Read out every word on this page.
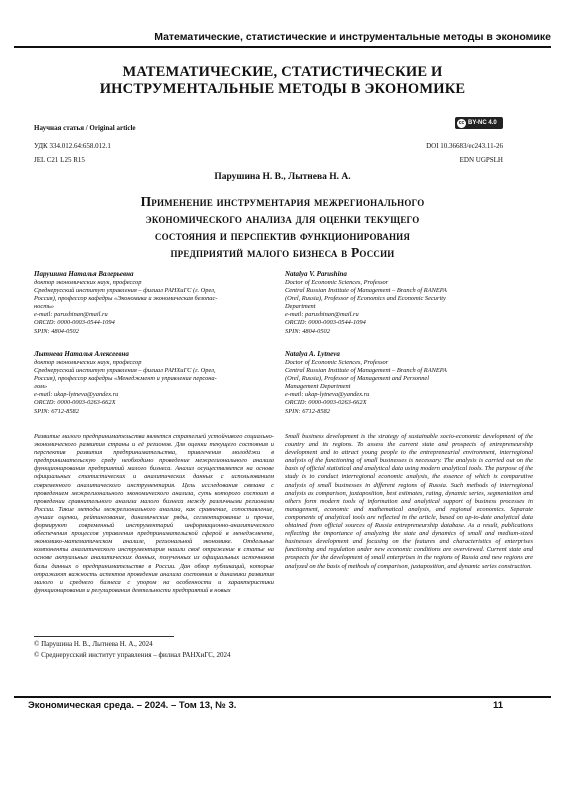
Математические, статистические и инструментальные методы в экономике
МАТЕМАТИЧЕСКИЕ, СТАТИСТИЧЕСКИЕ И
ИНСТРУМЕНТАЛЬНЫЕ МЕТОДЫ В ЭКОНОМИКЕ
Научная статья / Original article
УДК 334.012.64:658.012.1
JEL C21 L25 R15
cc BY-NC 4.0
DOI 10.36683/ec243.11-26
EDN UGPSLH
Парушина Н. В., Лытнева Н. А.
Применение инструментария межрегионального
экономического анализа для оценки текущего
состояния и перспектив функционирования
предприятий малого бизнеса в России
Парушина Наталья Валерьевна
доктор экономических наук, профессор
Среднерусский институт управления – филиал РАНХиГС (г. Орел,
Россия), профессор кафедры «Экономика и экономическая безопас-
ность»
e-mail: parushinan@mail.ru
ORCID: 0000-0003-0544-1094
SPIN: 4804-0502
Natalya V. Parushina
Doctor of Economic Sciences, Professor
Central Russian Institute of Management – Branch of RANEPA
(Orel, Russia), Professor of Economics and Economic Security
Department
e-mail: parushinan@mail.ru
ORCID: 0000-0003-0544-1094
SPIN: 4804-0502
Лытнева Наталья Алексеевна
доктор экономических наук, профессор
Среднерусский институт управления – филиал РАНХиГС (г. Орел,
Россия), профессор кафедры «Менеджмент и управление персона-
лом»
e-mail: ukap-lytneva@yandex.ru
ORCID: 0000-0003-0263-662X
SPIN: 6712-8582
Natalya A. Lytneva
Doctor of Economic Sciences, Professor
Central Russian Institute of Management – Branch of RANEPA
(Orel, Russia), Professor of Management and Personnel
Management Department
e-mail: ukap-lytneva@yandex.ru
ORCID: 0000-0003-0263-662X
SPIN: 6712-8582
Развитие малого предпринимательства является стратегией устойчивого социально-экономического развития страны и её регионов. Для оценки текущего состояния и перспектив развития предпринимательства, привлечения молодёжи в предпринимательскую среду необходимо проведение межрегионального анализа функционирования предприятий малого бизнеса. Анализ осуществляется на основе официальных статистических и аналитических данных с использованием современного аналитического инструментария. Цель исследования связана с проведением межрегионального экономического анализа, суть которого состоит в проведении сравнительного анализа малого бизнеса между различными регионами России. Такие методы межрегионального анализа, как сравнение, сопоставление, лучшие оценки, рейтингование, динамические ряды, сегментирование и прочие, формируют современный инструментарий информационно-аналитического обеспечения процессов управления предпринимательской сферой в менеджменте, экономико-математическом анализе, региональной экономике. Отдельные компоненты аналитического инструментария нашли своё отражение в статье на основе актуальных аналитических данных, полученных из официальных источников базы данных о предпринимательстве в России. Дан обзор публикаций, которые отражают важность аспектов проведения анализа состояния и динамики развития малого и среднего бизнеса с упором на особенности и характеристики функционирования и регулирования деятельности предприятий в новых
Small business development is the strategy of sustainable socio-economic development of the country and its regions. To assess the current state and prospects of entrepreneurship development and to attract young people to the entrepreneurial environment, interregional analysis of the functioning of small businesses is necessary. The analysis is carried out on the basis of official statistical and analytical data using modern analytical tools. The purpose of the study is to conduct interregional economic analysis, the essence of which is comparative analysis of small businesses in different regions of Russia. Such methods of interregional analysis as comparison, juxtaposition, best estimates, rating, dynamic series, segmentation and others form modern tools of information and analytical support of business processes in management, economic and mathematical analysis, and regional economics. Separate components of analytical tools are reflected in the article, based on up-to-date analytical data obtained from official sources of Russia entrepreneurship database. As a result, publications reflecting the importance of analyzing the state and dynamics of small and medium-sized businesses development and focusing on the features and characteristics of enterprises functioning and regulation under new economic conditions are overviewed. Current state and prospects for the development of small enterprises in the regions of Russia and new regions are analyzed on the basis of methods of comparison, juxtaposition, and dynamic series construction.
© Парушина Н. В., Лытнева Н. А., 2024
© Среднерусский институт управления – филиал РАНХиГС, 2024
Экономическая среда. – 2024. – Том 13, № 3.	11
